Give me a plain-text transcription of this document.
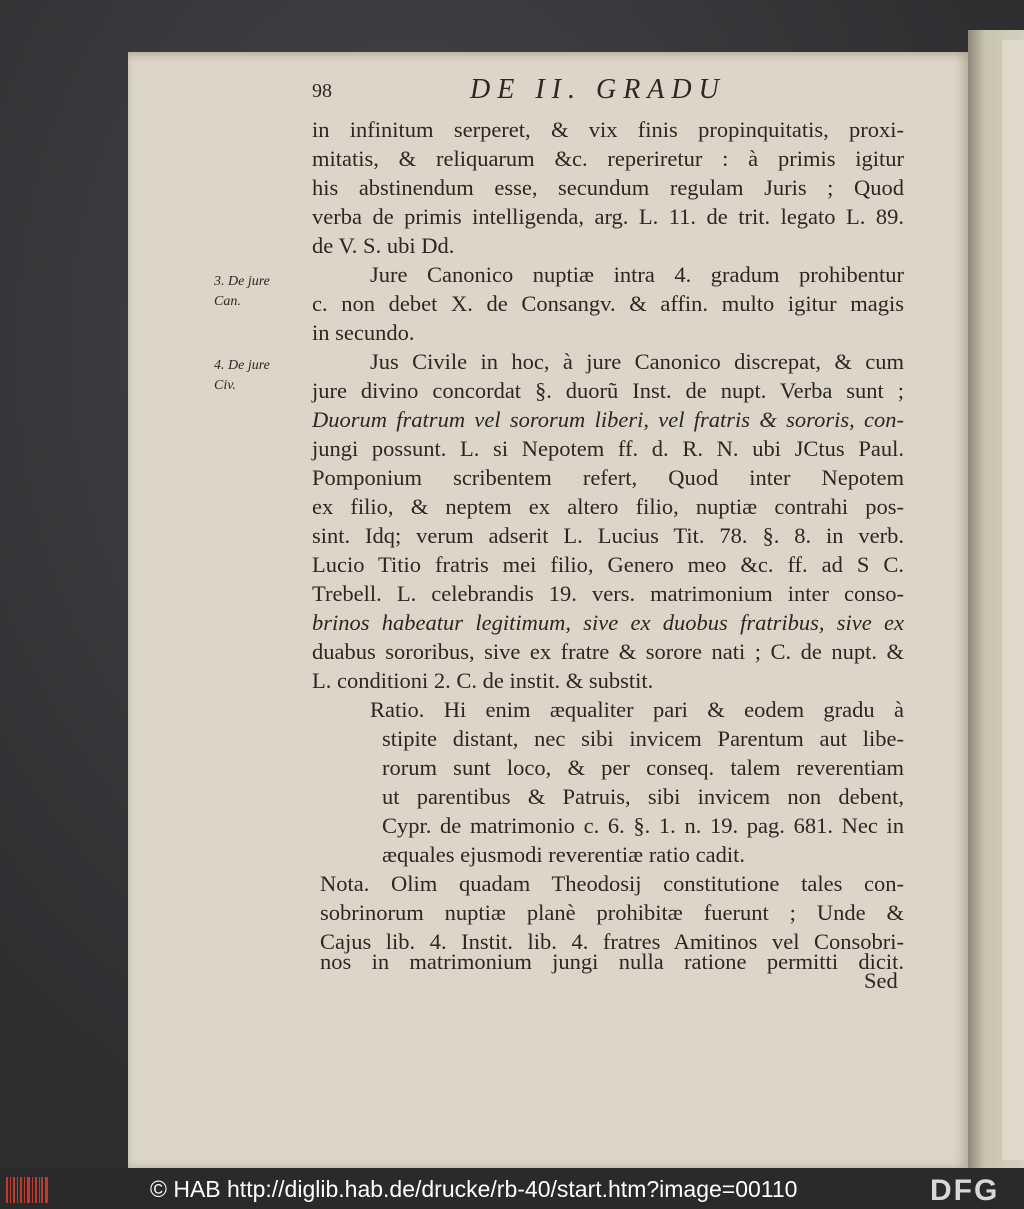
98	DE II. GRADU
3. De jure
Can.
4. De jure
Civ.
in infinitum serperet, & vix finis propinquitatis, proxi-
mitatis, & reliquarum &c. reperiretur : à primis igitur
his abstinendum esse, secundum regulam Juris ; Quod
verba de primis intelligenda, arg. L. 11. de trit. legato L. 89.
de V. S. ubi Dd.
Jure Canonico nuptiæ intra 4. gradum prohibentur
c. non debet X. de Consangv. & affin. multo igitur magis
in secundo.
Jus Civile in hoc, à jure Canonico discrepat, & cum
jure divino concordat §. duorũ Inst. de nupt. Verba sunt ;
Duorum fratrum vel sororum liberi, vel fratris & sororis, con-
jungi possunt. L. si Nepotem ff. d. R. N. ubi JCtus Paul.
Pomponium scribentem refert, Quod inter Nepotem
ex filio, & neptem ex altero filio, nuptiæ contrahi pos-
sint. Idq; verum adserit L. Lucius Tit. 78. §. 8. in verb.
Lucio Titio fratris mei filio, Genero meo &c. ff. ad S C.
Trebell. L. celebrandis 19. vers. matrimonium inter conso-
brinos habeatur legitimum, sive ex duobus fratribus, sive ex
duabus sororibus, sive ex fratre & sorore nati ; C. de nupt. &
L. conditioni 2. C. de instit. & substit.
Ratio. Hi enim æqualiter pari & eodem gradu à
stipite distant, nec sibi invicem Parentum aut libe-
rorum sunt loco, & per conseq. talem reverentiam
ut parentibus & Patruis, sibi invicem non debent,
Cypr. de matrimonio c. 6. §. 1. n. 19. pag. 681. Nec in
æquales ejusmodi reverentiæ ratio cadit.
Nota. Olim quadam Theodosij constitutione tales con-
sobrinorum nuptiæ planè prohibitæ fuerunt ; Unde &
Cajus lib. 4. Instit. lib. 4. fratres Amitinos vel Consobri-
nos in matrimonium jungi nulla ratione permitti dicit.
Sed
© HAB http://diglib.hab.de/drucke/rb-40/start.htm?image=00110	DFG
